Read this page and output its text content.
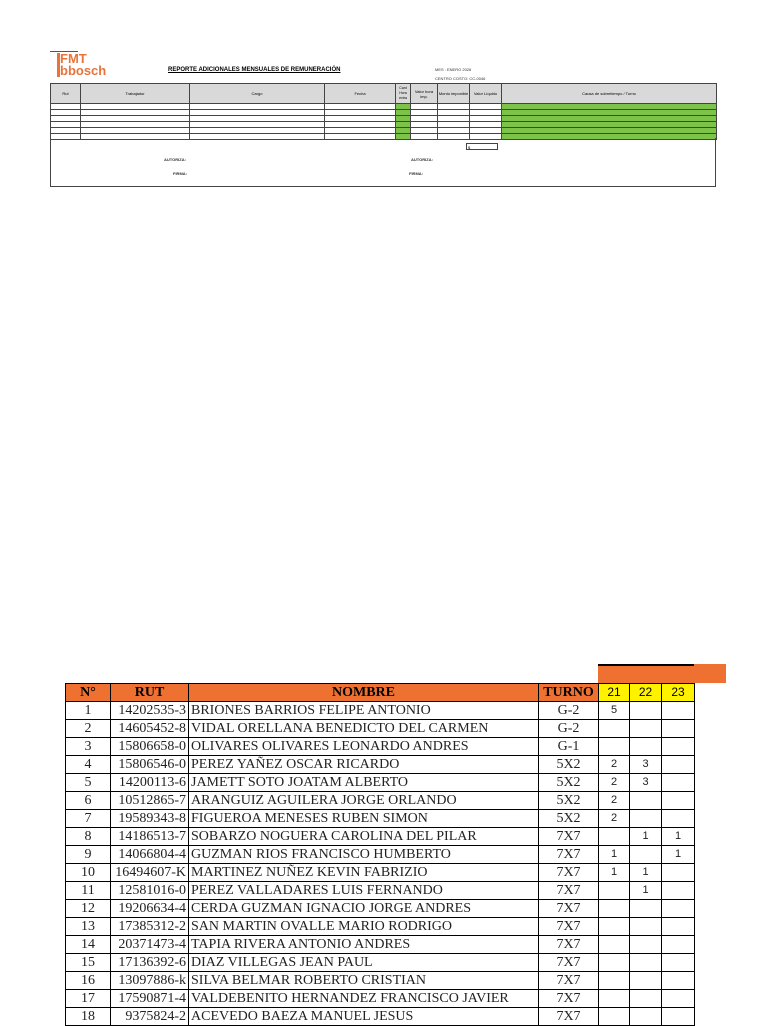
FMT
bbosch	REPORTE ADICIONALES MENSUALES DE REMUNERACIÓN	MES : ENERO 2026
CENTRO COSTO: CC-0046
Rut	Trabajador	Cargo	Fecha	Cant Hora extra	Valor hora imp.	Monto imponible	Valor Líquido	Causa de sobretiempo / Turno

$
AUTORIZA:	AUTORIZA:
FIRMA:	FIRMA:
N°	RUT	NOMBRE	TURNO	21	22	23
1	14202535-3	BRIONES BARRIOS FELIPE ANTONIO	G-2	5		
2	14605452-8	VIDAL ORELLANA BENEDICTO DEL CARMEN	G-2			
3	15806658-0	OLIVARES OLIVARES LEONARDO ANDRES	G-1			
4	15806546-0	PEREZ YAÑEZ OSCAR RICARDO	5X2	2	3	
5	14200113-6	JAMETT SOTO JOATAM ALBERTO	5X2	2	3	
6	10512865-7	ARANGUIZ AGUILERA JORGE ORLANDO	5X2	2		
7	19589343-8	FIGUEROA MENESES RUBEN SIMON	5X2	2		
8	14186513-7	SOBARZO NOGUERA CAROLINA DEL PILAR	7X7		1	1
9	14066804-4	GUZMAN RIOS FRANCISCO HUMBERTO	7X7	1		1
10	16494607-K	MARTINEZ NUÑEZ KEVIN FABRIZIO	7X7	1	1	
11	12581016-0	PEREZ VALLADARES LUIS FERNANDO	7X7		1	
12	19206634-4	CERDA GUZMAN IGNACIO JORGE ANDRES	7X7			
13	17385312-2	SAN MARTIN OVALLE MARIO RODRIGO	7X7			
14	20371473-4	TAPIA RIVERA ANTONIO ANDRES	7X7			
15	17136392-6	DIAZ VILLEGAS JEAN PAUL	7X7			
16	13097886-k	SILVA BELMAR ROBERTO CRISTIAN	7X7			
17	17590871-4	VALDEBENITO HERNANDEZ FRANCISCO JAVIER	7X7			
18	9375824-2	ACEVEDO BAEZA MANUEL JESUS	7X7			
